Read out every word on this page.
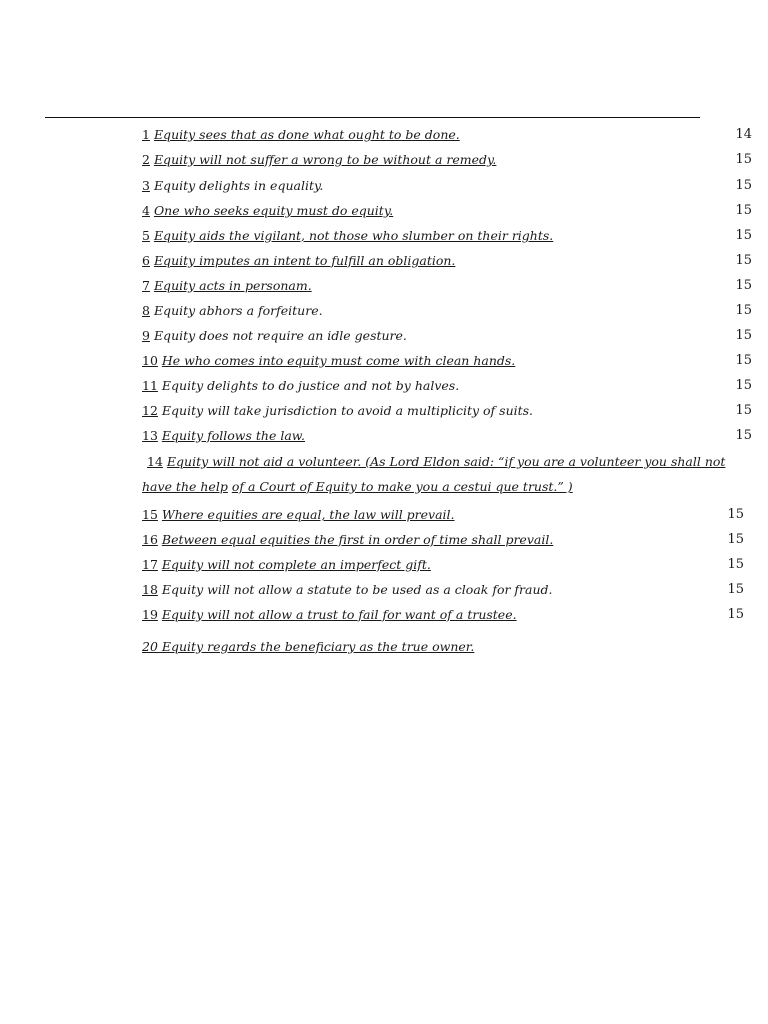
1 Equity sees that as done what ought to be done.	14
2 Equity will not suffer a wrong to be without a remedy.	15
3 Equity delights in equality.	15
4 One who seeks equity must do equity.	15
5 Equity aids the vigilant, not those who slumber on their rights.	15
6 Equity imputes an intent to fulfill an obligation.	15
7 Equity acts in personam.	15
8 Equity abhors a forfeiture.	15
9 Equity does not require an idle gesture.	15
10 He who comes into equity must come with clean hands.	15
11 Equity delights to do justice and not by halves.	15
12 Equity will take jurisdiction to avoid a multiplicity of suits.	15
13 Equity follows the law.	15
14 Equity will not aid a volunteer. (As Lord Eldon said: “if you are a volunteer you shall not
have the help of a Court of Equity to make you a cestui que trust.” )
15 Where equities are equal, the law will prevail.	15
16 Between equal equities the first in order of time shall prevail.	15
17 Equity will not complete an imperfect gift.	15
18 Equity will not allow a statute to be used as a cloak for fraud.	15
19 Equity will not allow a trust to fail for want of a trustee.	15
20 Equity regards the beneficiary as the true owner.
